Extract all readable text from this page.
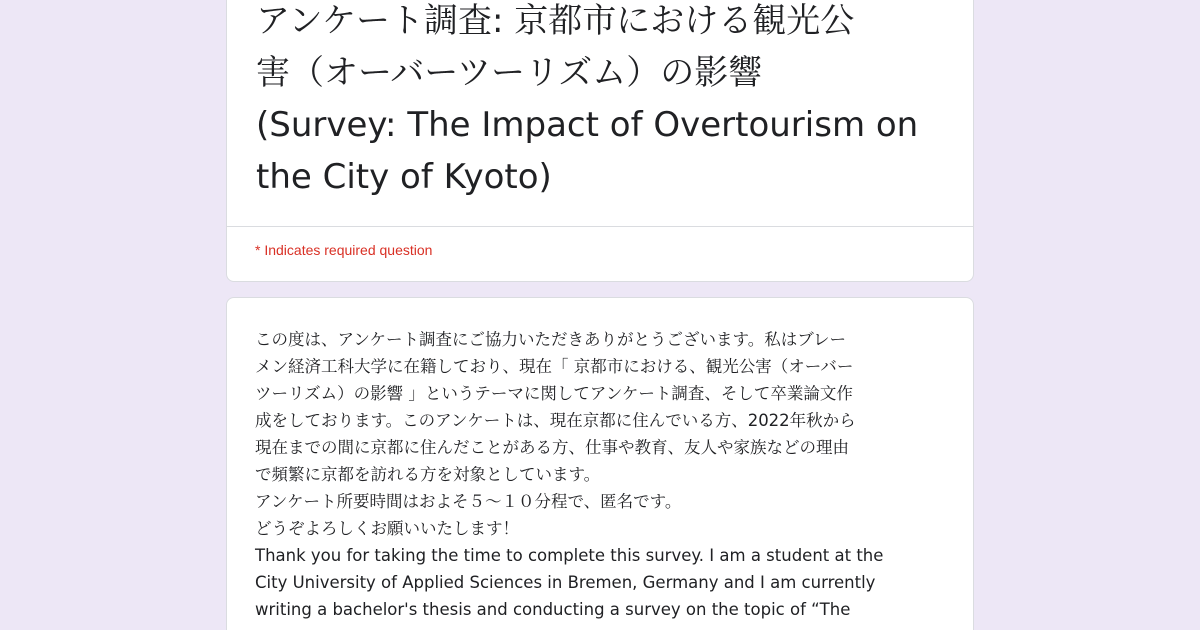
アンケート調査: 京都市における観光公
害（オーバーツーリズム）の影響
(Survey: The Impact of Overtourism on
the City of Kyoto)
* Indicates required question

この度は、アンケート調査にご協力いただきありがとうございます。私はブレー
メン経済工科大学に在籍しており、現在「 京都市における、観光公害（オーバー
ツーリズム）の影響 」というテーマに関してアンケート調査、そして卒業論文作
成をしております。このアンケートは、現在京都に住んでいる方、2022年秋から
現在までの間に京都に住んだことがある方、仕事や教育、友人や家族などの理由
で頻繁に京都を訪れる方を対象としています。
アンケート所要時間はおよそ５～１０分程で、匿名です。
どうぞよろしくお願いいたします！
Thank you for taking the time to complete this survey. I am a student at the
City University of Applied Sciences in Bremen, Germany and I am currently
writing a bachelor's thesis and conducting a survey on the topic of “The
